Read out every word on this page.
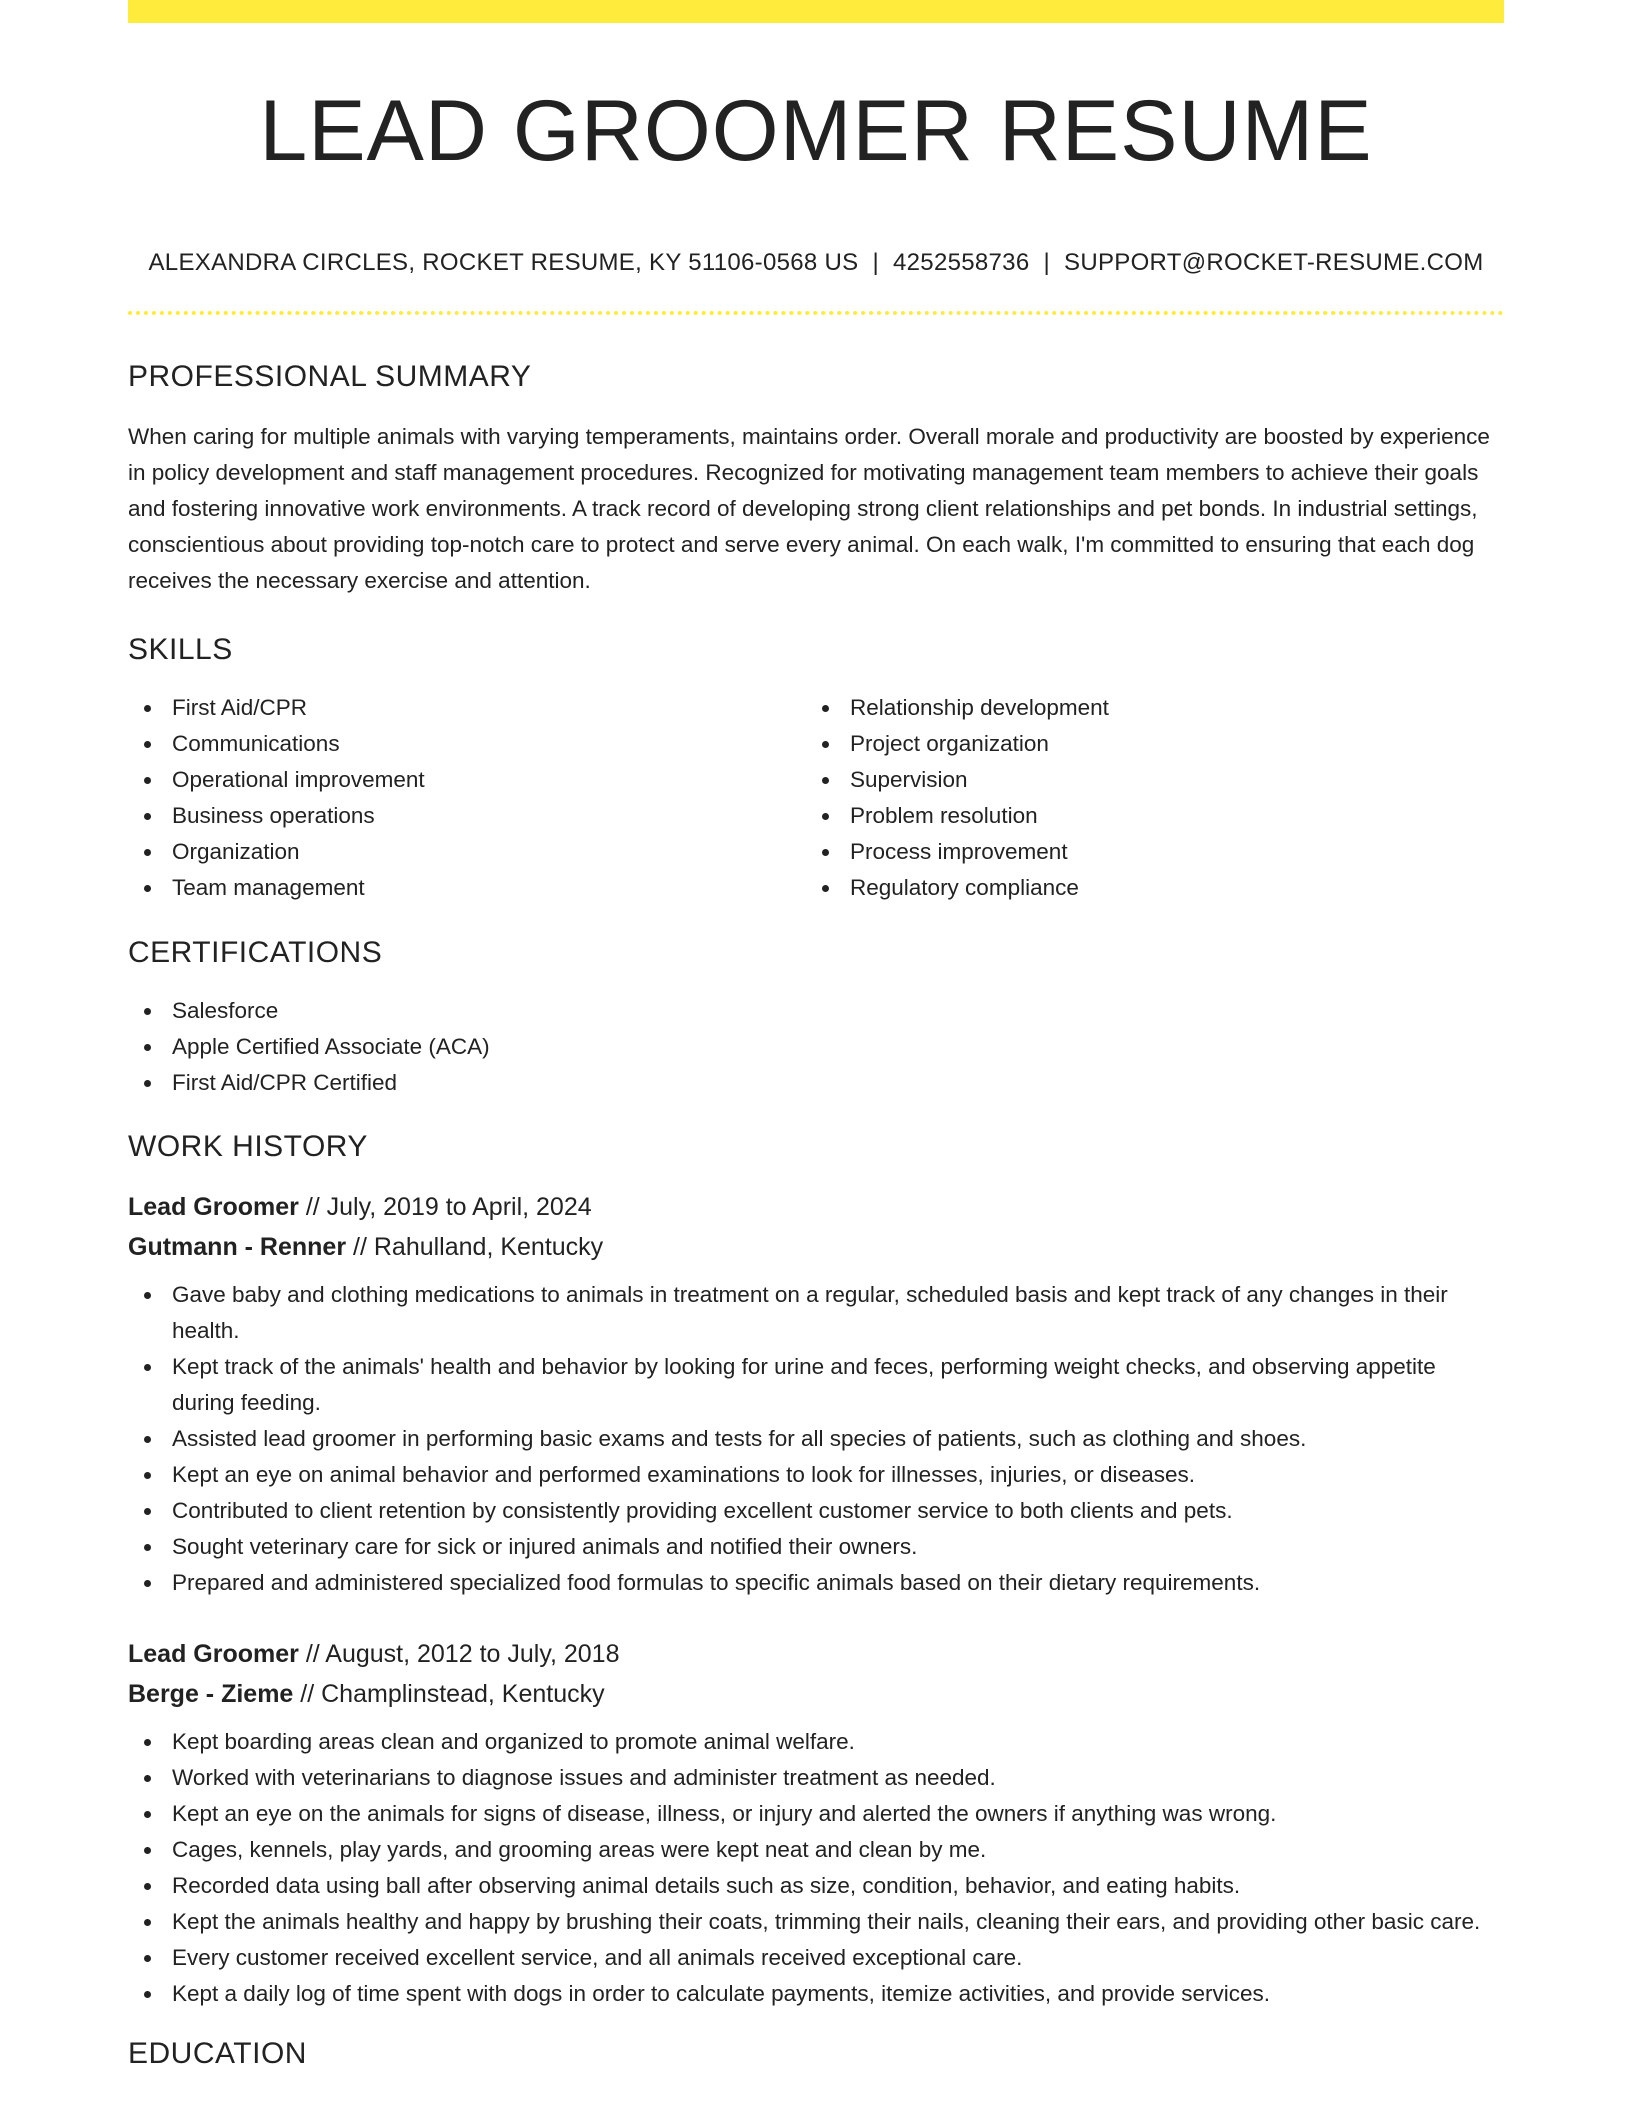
LEAD GROOMER RESUME
ALEXANDRA CIRCLES, ROCKET RESUME, KY 51106-0568 US | 4252558736 | SUPPORT@ROCKET-RESUME.COM
PROFESSIONAL SUMMARY

When caring for multiple animals with varying temperaments, maintains order. Overall morale and productivity are boosted by experience in policy development and staff management procedures. Recognized for motivating management team members to achieve their goals and fostering innovative work environments. A track record of developing strong client relationships and pet bonds. In industrial settings, conscientious about providing top-notch care to protect and serve every animal. On each walk, I'm committed to ensuring that each dog receives the necessary exercise and attention.

SKILLS
First Aid/CPR
Communications
Operational improvement
Business operations
Organization
Team management
Relationship development
Project organization
Supervision
Problem resolution
Process improvement
Regulatory compliance
CERTIFICATIONS
Salesforce
Apple Certified Associate (ACA)
First Aid/CPR Certified
WORK HISTORY
Lead Groomer // July, 2019 to April, 2024
Gutmann - Renner // Rahulland, Kentucky
Gave baby and clothing medications to animals in treatment on a regular, scheduled basis and kept track of any changes in their health.
Kept track of the animals' health and behavior by looking for urine and feces, performing weight checks, and observing appetite during feeding.
Assisted lead groomer in performing basic exams and tests for all species of patients, such as clothing and shoes.
Kept an eye on animal behavior and performed examinations to look for illnesses, injuries, or diseases.
Contributed to client retention by consistently providing excellent customer service to both clients and pets.
Sought veterinary care for sick or injured animals and notified their owners.
Prepared and administered specialized food formulas to specific animals based on their dietary requirements.
Lead Groomer // August, 2012 to July, 2018
Berge - Zieme // Champlinstead, Kentucky
Kept boarding areas clean and organized to promote animal welfare.
Worked with veterinarians to diagnose issues and administer treatment as needed.
Kept an eye on the animals for signs of disease, illness, or injury and alerted the owners if anything was wrong.
Cages, kennels, play yards, and grooming areas were kept neat and clean by me.
Recorded data using ball after observing animal details such as size, condition, behavior, and eating habits.
Kept the animals healthy and happy by brushing their coats, trimming their nails, cleaning their ears, and providing other basic care.
Every customer received excellent service, and all animals received exceptional care.
Kept a daily log of time spent with dogs in order to calculate payments, itemize activities, and provide services.
EDUCATION
